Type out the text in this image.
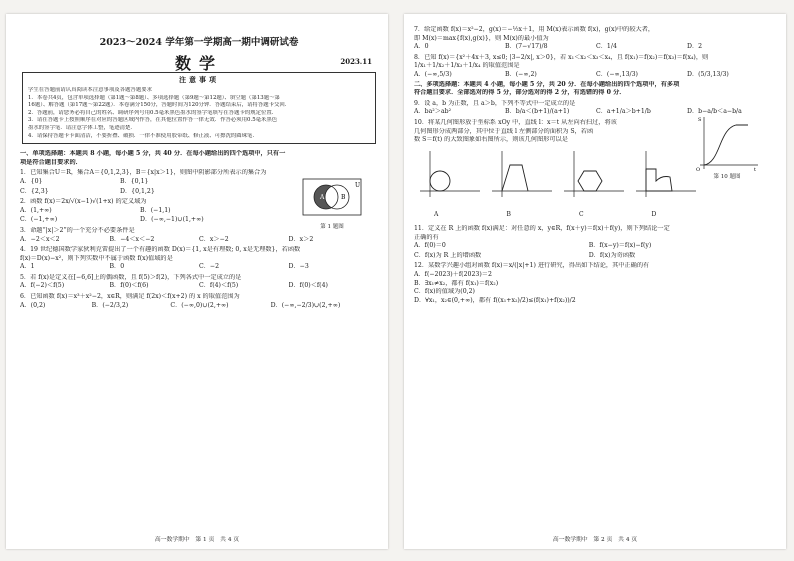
2023～2024 学年第一学期高一期中调研试卷
数学	2023.11
注意事项
学生在答题前请认真阅读本注意事项及各题答题要求
1．本卷共4页，包含单项选择题（第1题～第8题）、多项选择题（第9题～第12题）、填空题（第13题～第
16题）、解答题（第17题～第22题）．本卷满分150分，答题时间为120分钟．答题结束后，请将答题卡交回．
2．答题前，请您务必将自己的姓名、调研序列号用0.5毫米黑色墨水的签字笔填写在答题卡的规定位置．
3．请在答题卡上按照顺序在对应的答题区域内作答，在其他位置作答一律无效．作答必须用0.5毫米黑色
墨水的签字笔．请注意字体工整，笔迹清楚．
4．请保持答题卡卡面清洁，不要折叠、破损．一律不准使用胶带纸、修正液、可擦洗的圆珠笔．
一、单项选择题：本题共 8 小题，每小题 5 分，共 40 分．在每小题给出的四个选项中，只有一
项是符合题目要求的．
1．已知集合U＝R，集合A＝{0,1,2,3}，B＝{x|x＞1}，则图中阴影部分所表示的集合为
A．{0}	B．{0,1}
C．{2,3}	D．{0,1,2}
U
A	B
第 1 题图
2．函数 f(x)＝2x/√(x−1)√(1+x) 的定义域为
A．(1,+∞)	B．(−1,1)
C．(−1,+∞)	D．(−∞,−1)∪(1,+∞)
3．命题“|x|＞2”的一个充分不必要条件是
A．−2＜x＜2	B．−4＜x＜−2	C．x＞−2	D．x＞2
4．19 世纪德国数学家狄利克雷提出了一个有趣的函数 D(x)＝{1, x是有理数; 0, x是无理数}，若函数
f(x)＝D(x)−x²，则下列实数中不属于函数 f(x)值域的是
A．1	B．0	C．−2	D．−3
5．若 f(x)是定义在[−6,6]上的偶函数，且 f(5)＞f(2)，下列各式中一定成立的是
A．f(−2)＜f(5)	B．f(0)＜f(6)	C．f(4)＜f(5)	D．f(0)＜f(4)
6．已知函数 f(x)＝x³＋x²−2，x∈R，则满足 f(2x)＜f(x+2) 的 x 的取值范围为
A．(0,2)	B．(−2/3,2)	C．(−∞,0)∪(2,+∞)	D．(−∞,−2/3)∪(2,+∞)
高一数学期中　第 1 页　共 4 页
7．给定函数 f(x)＝x²−2，g(x)＝−½x＋1，用 M(x)表示函数 f(x)，g(x)中的较大者，
即 M(x)＝max{f(x),g(x)}，则 M(x)的最小值为
A．0	B．(7−√17)/8	C．1/4	D．2
8．已知 f(x)＝{x²＋4x＋3, x≤0; |3−2/x|, x＞0}，若 x₁＜x₂＜x₃＜x₄，且 f(x₁)＝f(x₂)＝f(x₃)＝f(x₄)，则
1/x₁＋1/x₂＋1/x₃＋1/x₄ 的取值范围是
A．(−∞,5/3)	B．(−∞,2)	C．(−∞,13/3)	D．(5/3,13/3)
二、多项选择题：本题共 4 小题，每小题 5 分，共 20 分．在每小题给出的四个选项中，有多项
符合题目要求．全部选对的得 5 分，部分选对的得 2 分，有选错的得 0 分．
9．设 a，b 为正数，且 a＞b，下列不等式中一定成立的是
A．ba²＞ab²	B．b/a＜(b+1)/(a+1)	C．a+1/a＞b+1/b	D．b−a/b＜a−b/a
10．将某几何图形放于坐标系 xOy 中，直线 l：x＝t 从左向右扫过，将该
几何图形分成两部分，其中位于直线 l 左侧部分的面积为 S，若函
数 S＝f(t) 的大致图象如右图所示，则该几何图形可以是
O	t
S
第 10 题图
A	B	C	D
11．定义在 R 上的函数 f(x)满足：对任意的 x，y∈R，f(x＋y)＝f(x)＋f(y)，则下列结论一定
正确的有
A．f(0)＝0	B．f(x−y)＝f(x)−f(y)
C．f(x)为 R 上的增函数	D．f(x)为奇函数
12．某数学兴趣小组对函数 f(x)＝x/(|x|+1) 进行研究，得出如下结论，其中正确的有
A．f(−2023)＋f(2023)＝2
B．∃x₁≠x₂，都有 f(x₁)＝f(x₂)
C．f(x)的值域为(0,2)
D．∀x₁，x₂∈(0,+∞)，都有 f((x₁+x₂)/2)≤(f(x₁)+f(x₂))/2
高一数学期中　第 2 页　共 4 页
